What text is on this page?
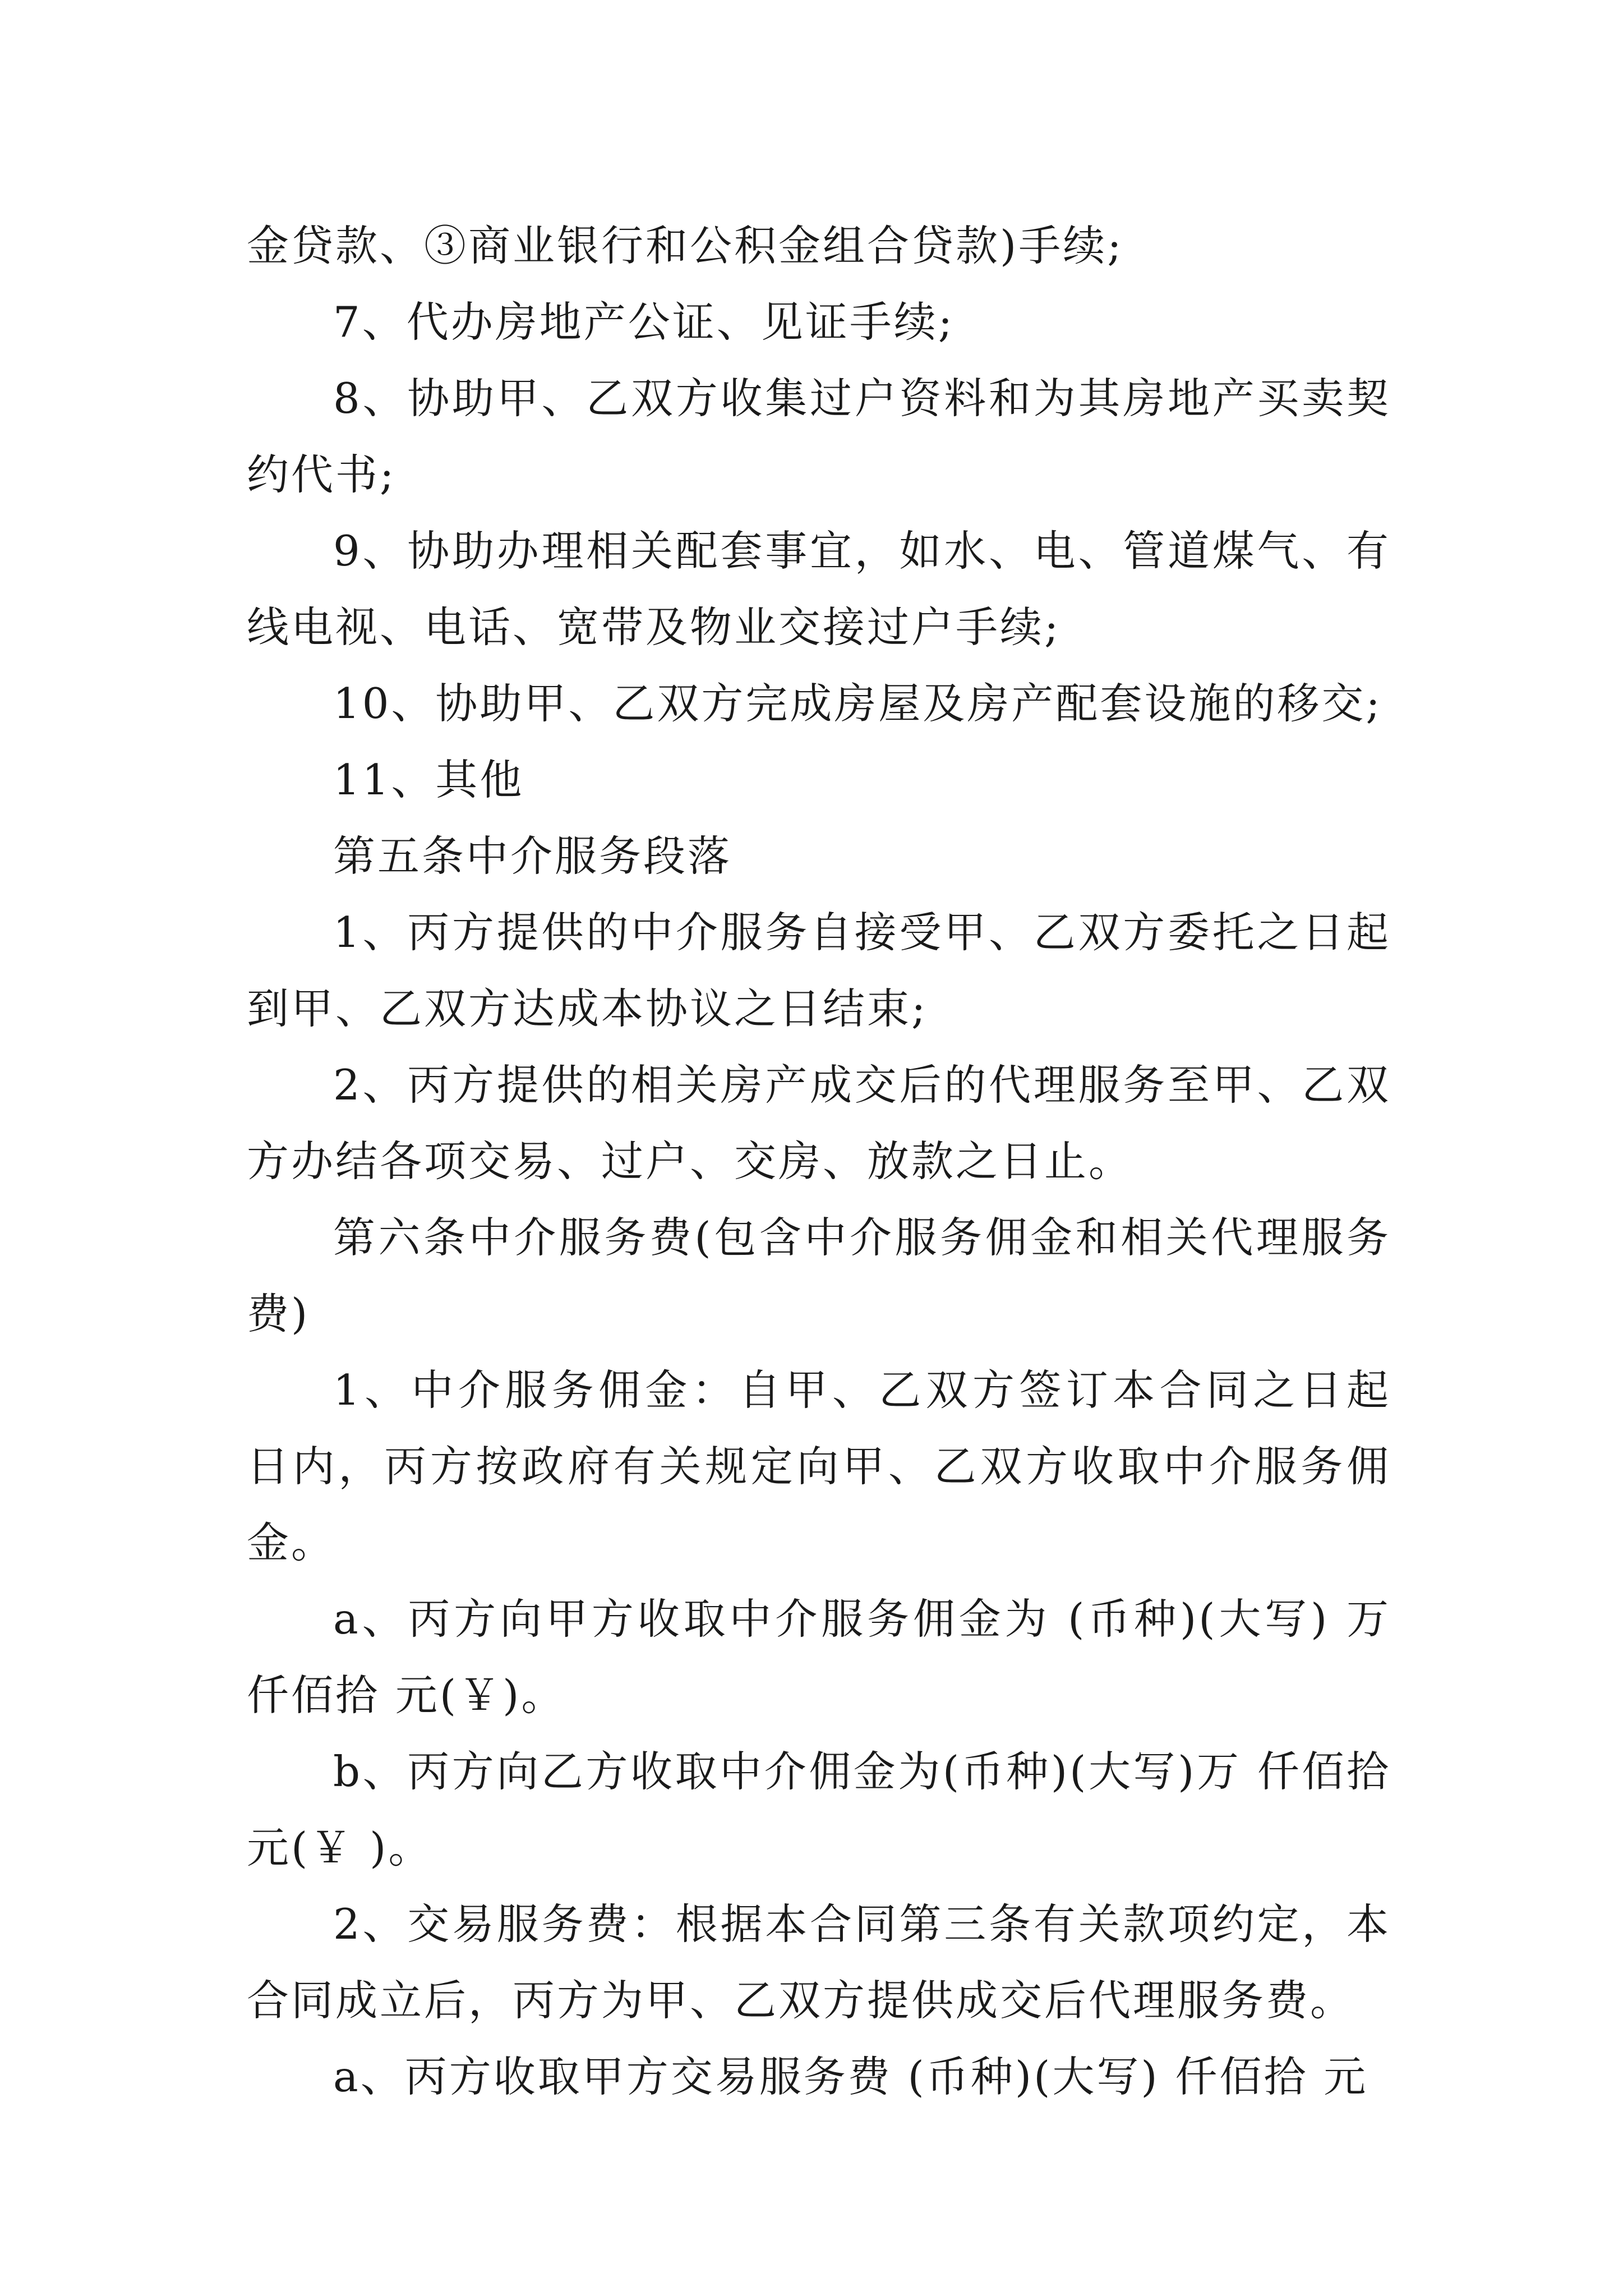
金贷款、③商业银行和公积金组合贷款)手续;

7、代办房地产公证、见证手续;

8、协助甲、乙双方收集过户资料和为其房地产买卖契约代书;

9、协助办理相关配套事宜，如水、电、管道煤气、有线电视、电话、宽带及物业交接过户手续;

10、协助甲、乙双方完成房屋及房产配套设施的移交;

11、其他

第五条中介服务段落

1、丙方提供的中介服务自接受甲、乙双方委托之日起到甲、乙双方达成本协议之日结束;

2、丙方提供的相关房产成交后的代理服务至甲、乙双方办结各项交易、过户、交房、放款之日止。

第六条中介服务费(包含中介服务佣金和相关代理服务费)

1、中介服务佣金：自甲、乙双方签订本合同之日起 日内，丙方按政府有关规定向甲、乙双方收取中介服务佣金。

a、丙方向甲方收取中介服务佣金为 (币种)(大写) 万 仟佰拾 元(￥)。

b、丙方向乙方收取中介佣金为(币种)(大写)万 仟佰拾元(￥ )。

2、交易服务费：根据本合同第三条有关款项约定，本合同成立后，丙方为甲、乙双方提供成交后代理服务费。

a、丙方收取甲方交易服务费 (币种)(大写) 仟佰拾 元
